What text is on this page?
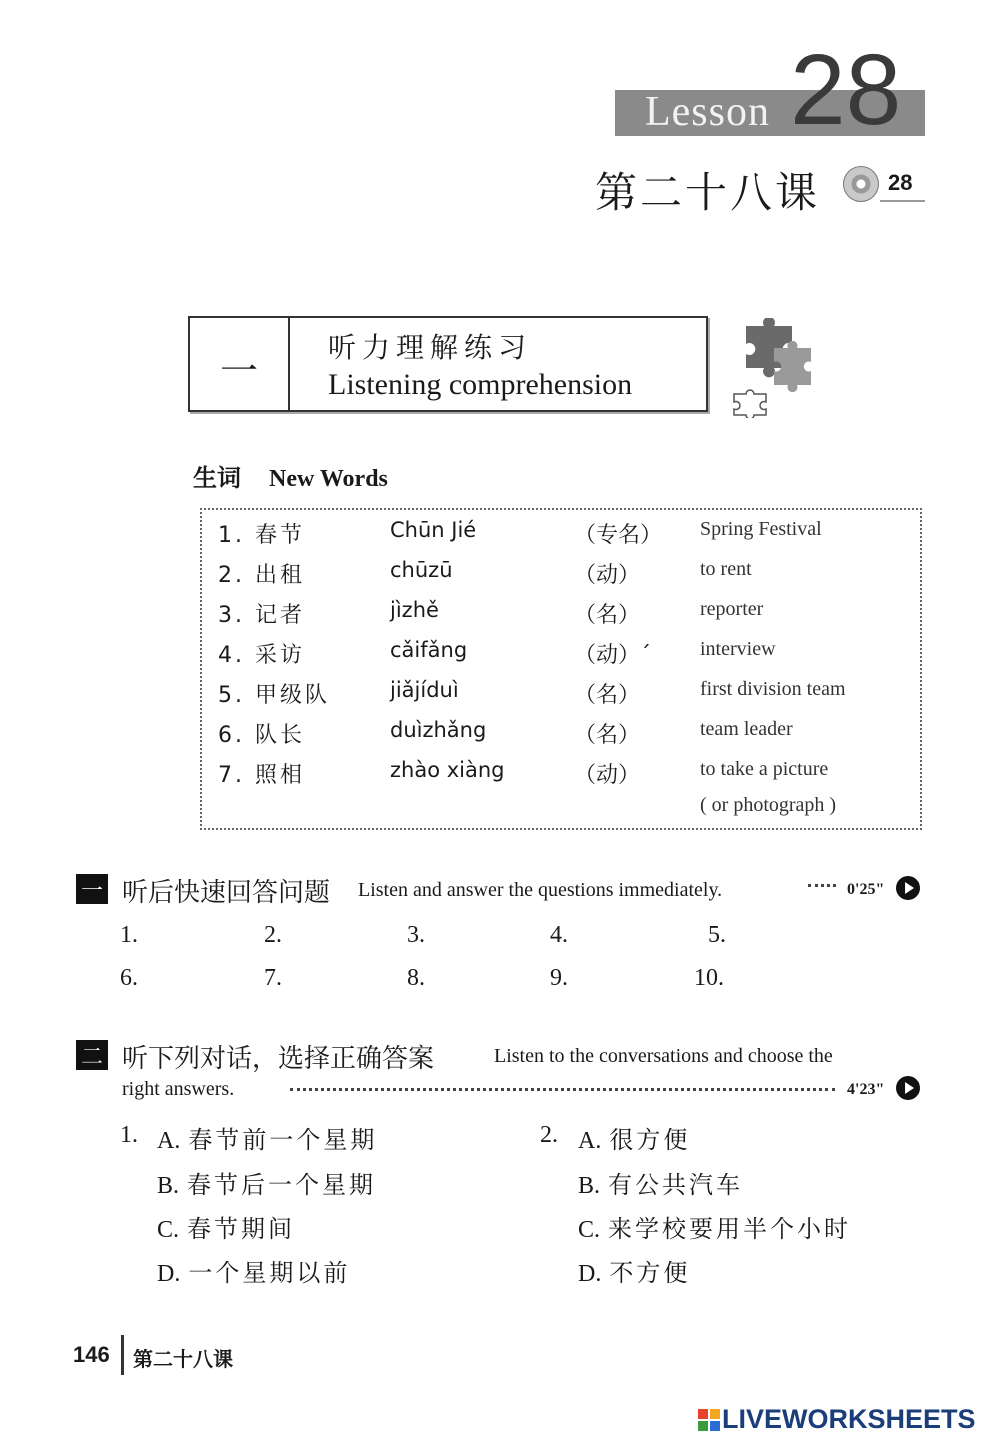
Lesson 28
第二十八课	28
一
听力理解练习
Listening comprehension
生词 New Words
1. 春节	Chūn Jié	（专名） Spring Festival
2. 出租	chūzū	（动）	to rent
3. 记者	jìzhě	（名）	reporter
4. 采访	cǎifǎng	（动）´ interview
5. 甲级队	jiǎjíduì	（名）	first division team
6. 队长	duìzhǎng	（名）	team leader
7. 照相	zhào xiàng	（动）	to take a picture
( or photograph )
一 听后快速回答问题 Listen and answer the questions immediately.	0'25"
1.	2.	3.	4.	5.
6.	7.	8.	9.	10.
二 听下列对话，选择正确答案	Listen to the conversations and choose the
right answers.	4'23"
1. A. 春节前一个星期
B. 春节后一个星期
C. 春节期间
D. 一个星期以前
2. A. 很方便
B. 有公共汽车
C. 来学校要用半个小时
D. 不方便
146 第二十八课
LIVEWORKSHEETS
